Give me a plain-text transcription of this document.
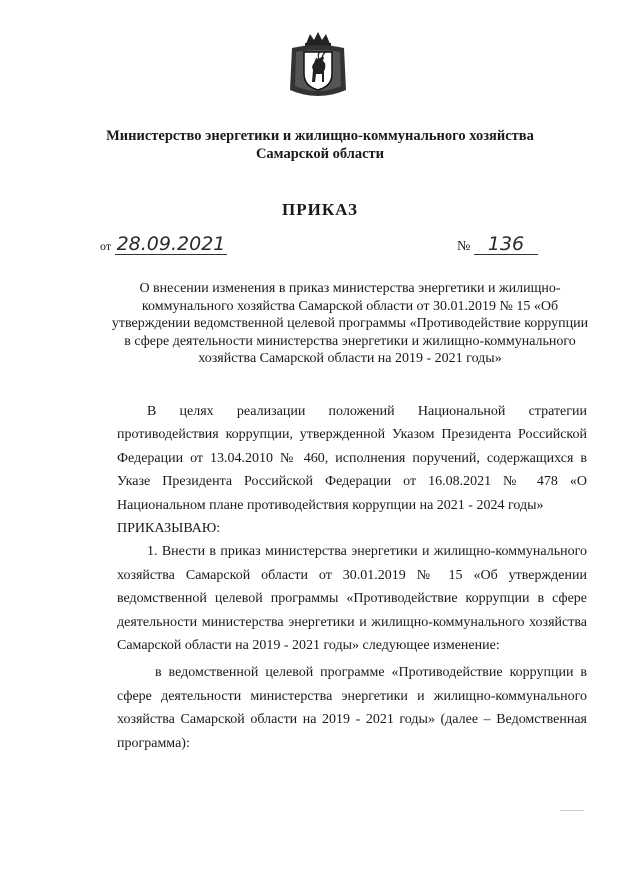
Министерство энергетики и жилищно-коммунального хозяйства
Самарской области
ПРИКАЗ
от 28.09.2021	№ 136
О внесении изменения в приказ министерства энергетики и жилищно-коммунального хозяйства Самарской области от 30.01.2019 № 15 «Об утверждении ведомственной целевой программы «Противодействие коррупции в сфере деятельности министерства энергетики и жилищно-коммунального хозяйства Самарской области на 2019 - 2021 годы»

В целях реализации положений Национальной стратегии противодействия коррупции, утвержденной Указом Президента Российской Федерации от 13.04.2010 № 460, исполнения поручений, содержащихся в Указе Президента Российской Федерации от 16.08.2021 № 478 «О Национальном плане противодействия коррупции на 2021 - 2024 годы»

ПРИКАЗЫВАЮ:

1. Внести в приказ министерства энергетики и жилищно-коммунального хозяйства Самарской области от 30.01.2019 № 15 «Об утверждении ведомственной целевой программы «Противодействие коррупции в сфере деятельности министерства энергетики и жилищно-коммунального хозяйства Самарской области на 2019 - 2021 годы» следующее изменение:

в ведомственной целевой программе «Противодействие коррупции в сфере деятельности министерства энергетики и жилищно-коммунального хозяйства Самарской области на 2019 - 2021 годы» (далее – Ведомственная программа):
